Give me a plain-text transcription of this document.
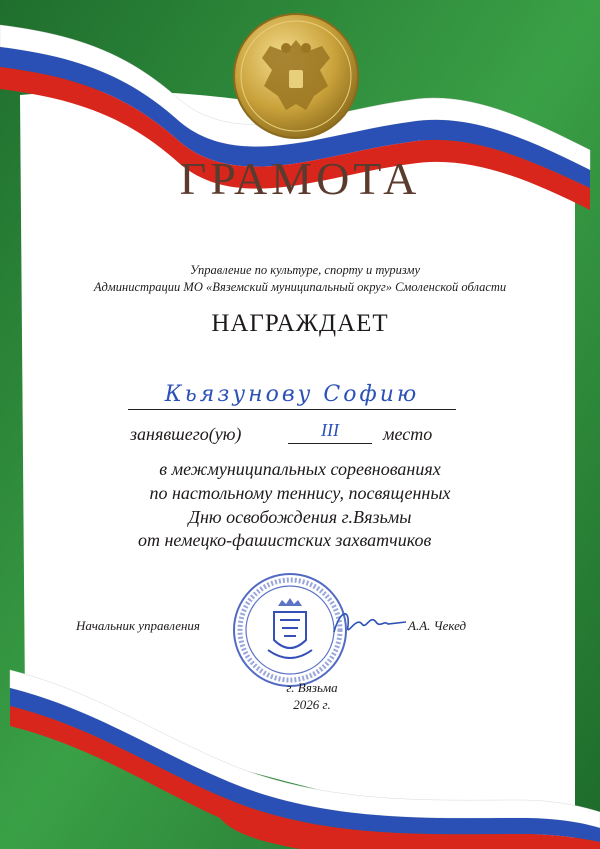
ГРАМОТА
Управление по культуре, спорту и туризму
Администрации МО «Вяземский муниципальный округ» Смоленской области
НАГРАЖДАЕТ
Кьязунову Софию
занявшего(ую)	III	место
в межмуниципальных соревнованиях
по настольному теннису, посвященных
Дню освобождения г.Вязьмы
от немецко-фашистских захватчиков
Начальник управления	А.А. Чекед
г. Вязьма
2026 г.
